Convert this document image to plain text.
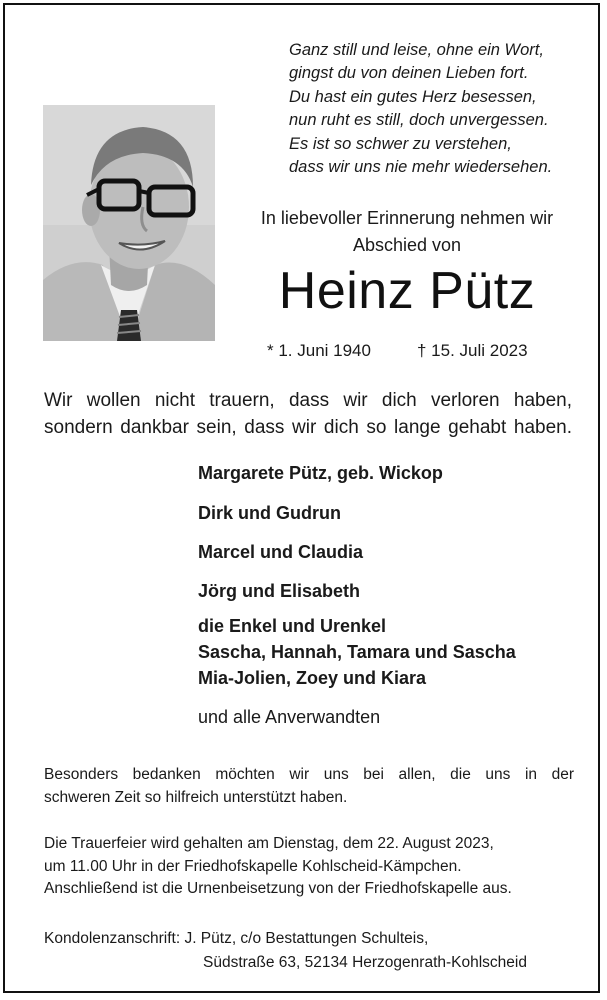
Ganz still und leise, ohne ein Wort,
gingst du von deinen Lieben fort.
Du hast ein gutes Herz besessen,
nun ruht es still, doch unvergessen.
Es ist so schwer zu verstehen,
dass wir uns nie mehr wiedersehen.
In liebevoller Erinnerung nehmen wir
Abschied von
Heinz Pütz
* 1. Juni 1940	† 15. Juli 2023
Wir wollen nicht trauern, dass wir dich verloren haben,
sondern dankbar sein, dass wir dich so lange gehabt haben.
Margarete Pütz, geb. Wickop
Dirk und Gudrun
Marcel und Claudia
Jörg und Elisabeth
die Enkel und Urenkel
Sascha, Hannah, Tamara und Sascha
Mia-Jolien, Zoey und Kiara
und alle Anverwandten
Besonders bedanken möchten wir uns bei allen, die uns in der
schweren Zeit so hilfreich unterstützt haben.
Die Trauerfeier wird gehalten am Dienstag, dem 22. August 2023,
um 11.00 Uhr in der Friedhofskapelle Kohlscheid-Kämpchen.
Anschließend ist die Urnenbeisetzung von der Friedhofskapelle aus.
Kondolenzanschrift: J. Pütz, c/o Bestattungen Schulteis,
Südstraße 63, 52134 Herzogenrath-Kohlscheid
